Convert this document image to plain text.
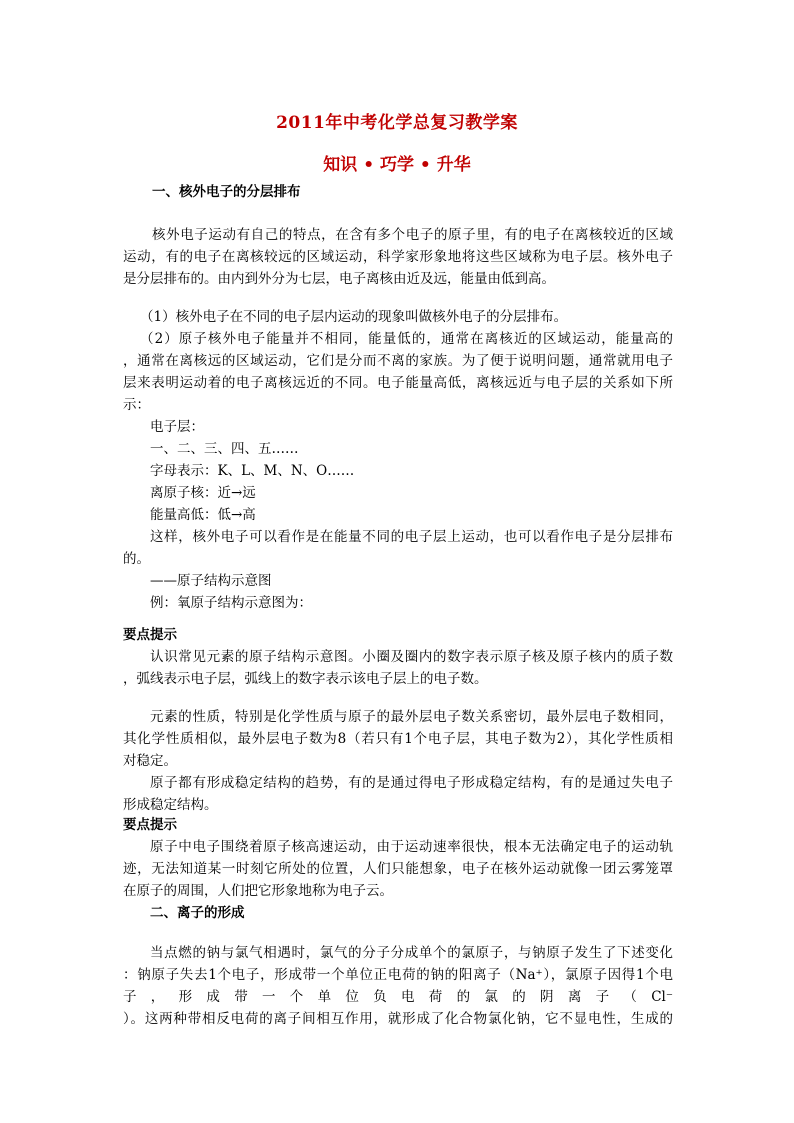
2011年中考化学总复习教学案
知识 • 巧学 • 升华
一、核外电子的分层排布
核外电子运动有自己的特点，在含有多个电子的原子里，有的电子在离核较近的区域
运动，有的电子在离核较远的区域运动，科学家形象地将这些区域称为电子层。核外电子
是分层排布的。由内到外分为七层，电子离核由近及远，能量由低到高。
（1）核外电子在不同的电子层内运动的现象叫做核外电子的分层排布。
（2）原子核外电子能量并不相同，能量低的，通常在离核近的区域运动，能量高的
，通常在离核远的区域运动，它们是分而不离的家族。为了便于说明问题，通常就用电子
层来表明运动着的电子离核远近的不同。电子能量高低，离核远近与电子层的关系如下所
示：
电子层：
一、二、三、四、五……
字母表示：K、L、M、N、O……
离原子核：近→远
能量高低：低→高
这样，核外电子可以看作是在能量不同的电子层上运动，也可以看作电子是分层排布
的。
——原子结构示意图
例：氧原子结构示意图为：
要点提示
认识常见元素的原子结构示意图。小圈及圈内的数字表示原子核及原子核内的质子数
，弧线表示电子层，弧线上的数字表示该电子层上的电子数。
元素的性质，特别是化学性质与原子的最外层电子数关系密切，最外层电子数相同，
其化学性质相似，最外层电子数为8（若只有1个电子层，其电子数为2），其化学性质相
对稳定。
原子都有形成稳定结构的趋势，有的是通过得电子形成稳定结构，有的是通过失电子
形成稳定结构。
要点提示
原子中电子围绕着原子核高速运动，由于运动速率很快，根本无法确定电子的运动轨
迹，无法知道某一时刻它所处的位置，人们只能想象，电子在核外运动就像一团云雾笼罩
在原子的周围，人们把它形象地称为电子云。
二、离子的形成
当点燃的钠与氯气相遇时，氯气的分子分成单个的氯原子，与钠原子发生了下述变化
：钠原子失去1个电子，形成带一个单位正电荷的钠的阳离子（Na⁺），氯原子因得1个电
子 ， 形 成 带 一 个 单 位 负 电 荷 的 氯 的 阴 离 子 （ Cl⁻
）。这两种带相反电荷的离子间相互作用，就形成了化合物氯化钠，它不显电性，生成的
